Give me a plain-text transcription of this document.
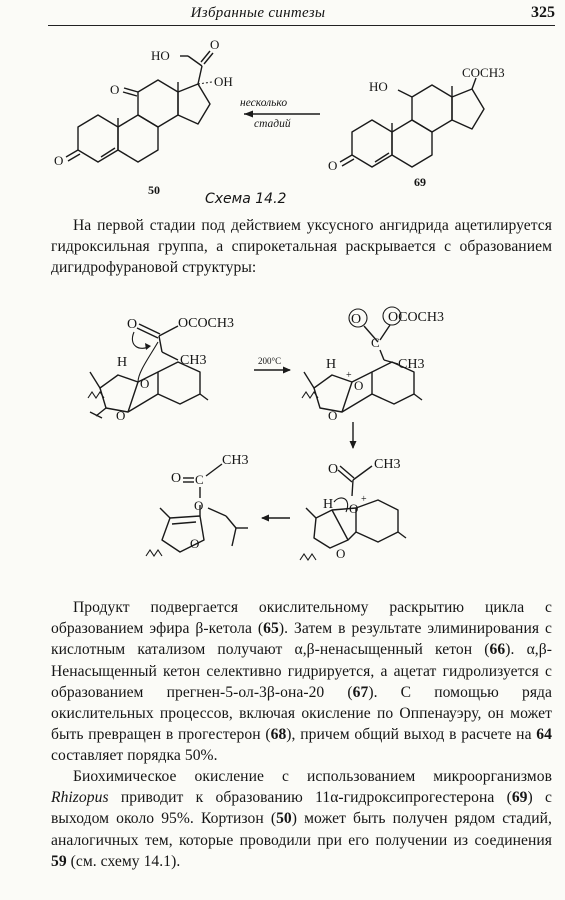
Избранные синтезы	325
HO
O
OH
O
O
50
несколько
стадий
COCH3
HO
O
69
O	OCOCH3
CH3
H
O
O
200°C
O OCOCH3
C
CH3
H
+
O
O
O	CH3
H O
+
O
O C
CH3
O
O
Схема 14.2

На первой стадии под действием уксусного ангидрида ацетилируется гидроксильная группа, а спирокетальная раскрывается с образованием дигидрофурановой структуры:

Продукт подвергается окислительному раскрытию цикла с образованием эфира β-кетола (65). Затем в результате элиминирования с кислотным катализом получают α,β-ненасыщенный кетон (66). α,β-Ненасыщенный кетон селективно гидрируется, а ацетат гидролизуется с образованием прегнен-5-ол-3β-она-20 (67). С помощью ряда окислительных процессов, включая окисление по Оппенауэру, он может быть превращен в прогестерон (68), причем общий выход в расчете на 64 составляет порядка 50%.

Биохимическое окисление с использованием микроорганизмов Rhizopus приводит к образованию 11α-гидроксипрогестерона (69) с выходом около 95%. Кортизон (50) может быть получен рядом стадий, аналогичных тем, которые проводили при его получении из соединения 59 (см. схему 14.1).
